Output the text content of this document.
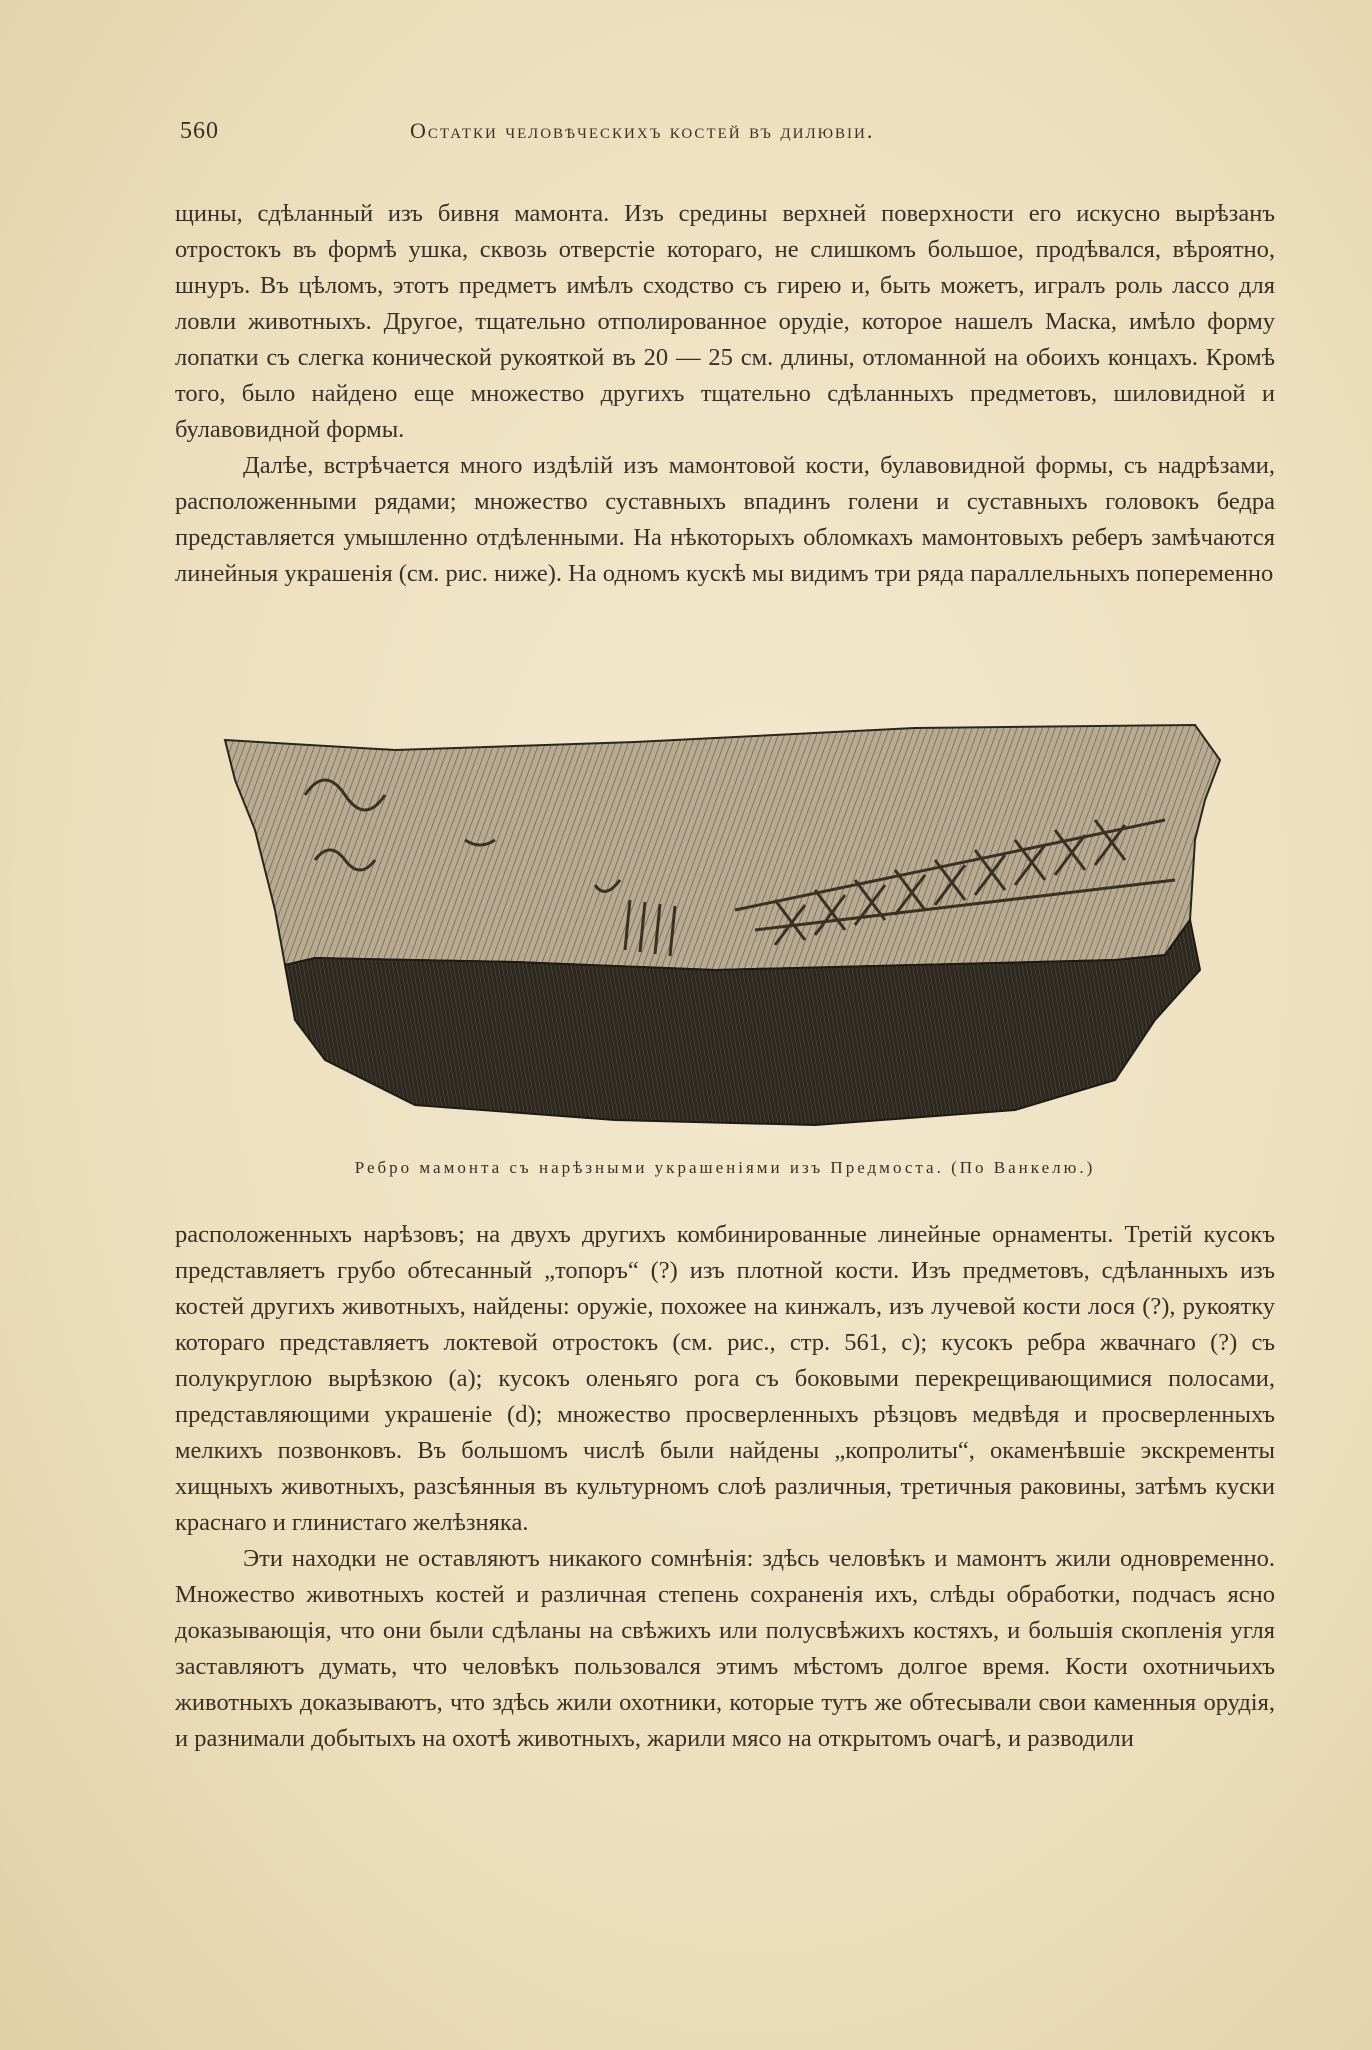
560	Остатки человѣческихъ костей въ дилювіи.

щины, сдѣланный изъ бивня мамонта. Изъ средины верхней поверхности его искусно вырѣзанъ отростокъ въ формѣ ушка, сквозь отверстіе котораго, не слишкомъ большое, продѣвался, вѣроятно, шнуръ. Въ цѣломъ, этотъ предметъ имѣлъ сходство съ гирею и, быть можетъ, игралъ роль лассо для ловли животныхъ. Другое, тщательно отполированное орудіе, которое нашелъ Маска, имѣло форму лопатки съ слегка конической рукояткой въ 20 — 25 см. длины, отломанной на обоихъ концахъ. Кромѣ того, было найдено еще множество другихъ тщательно сдѣланныхъ предметовъ, шиловидной и булавовидной формы.

Далѣе, встрѣчается много издѣлій изъ мамонтовой кости, булавовидной формы, съ надрѣзами, расположенными рядами; множество суставныхъ впадинъ голени и суставныхъ головокъ бедра представляется умышленно отдѣленными. На нѣкоторыхъ обломкахъ мамонтовыхъ реберъ замѣчаются линейныя украшенія (см. рис. ниже). На одномъ кускѣ мы видимъ три ряда параллельныхъ попеременно

Ребро мамонта съ нарѣзными украшеніями изъ Предмоста. (По Ванкелю.)

расположенныхъ нарѣзовъ; на двухъ другихъ комбинированные линейные орнаменты. Третій кусокъ представляетъ грубо обтесанный „топоръ“ (?) изъ плотной кости. Изъ предметовъ, сдѣланныхъ изъ костей другихъ животныхъ, найдены: оружіе, похожее на кинжалъ, изъ лучевой кости лося (?), рукоятку котораго представляетъ локтевой отростокъ (см. рис., стр. 561, c); кусокъ ребра жвачнаго (?) съ полукруглою вырѣзкою (a); кусокъ оленьяго рога съ боковыми перекрещивающимися полосами, представляющими украшеніе (d); множество просверленныхъ рѣзцовъ медвѣдя и просверленныхъ мелкихъ позвонковъ. Въ большомъ числѣ были найдены „копролиты“, окаменѣвшіе экскременты хищныхъ животныхъ, разсѣянныя въ культурномъ слоѣ различныя, третичныя раковины, затѣмъ куски краснаго и глинистаго желѣзняка.

Эти находки не оставляютъ никакого сомнѣнія: здѣсь человѣкъ и мамонтъ жили одновременно. Множество животныхъ костей и различная степень сохраненія ихъ, слѣды обработки, подчасъ ясно доказывающія, что они были сдѣланы на свѣжихъ или полусвѣжихъ костяхъ, и большія скопленія угля заставляютъ думать, что человѣкъ пользовался этимъ мѣстомъ долгое время. Кости охотничьихъ животныхъ доказываютъ, что здѣсь жили охотники, которые тутъ же обтесывали свои каменныя орудія, и разнимали добытыхъ на охотѣ животныхъ, жарили мясо на открытомъ очагѣ, и разводили
